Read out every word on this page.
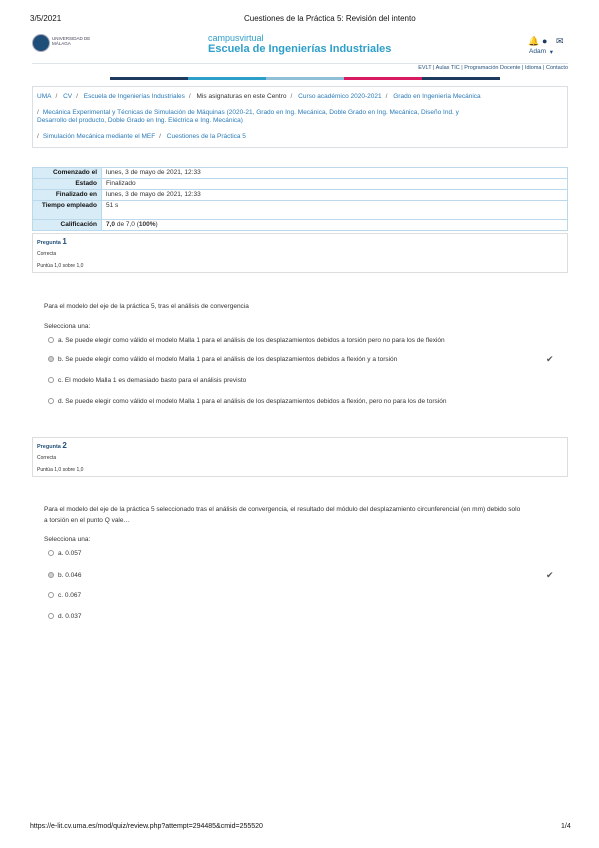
3/5/2021	Cuestiones de la Práctica 5: Revisión del intento
https://e-lit.cv.uma.es/mod/quiz/review.php?attempt=294485&cmid=255520	1/4
UNIVERSIDAD DE MÁLAGA
campusvirtual
Escuela de Ingenierías Industriales
🔔 ● ✉
Adam ▾
EVLT | Aulas TIC | Programación Docente | Idioma | Contacto
UMA / CV / Escuela de Ingenierías Industriales / Mis asignaturas en este Centro / Curso académico 2020-2021 / Grado en Ingeniería Mecánica
/ Mecánica Experimental y Técnicas de Simulación de Máquinas (2020-21, Grado en Ing. Mecánica, Doble Grado en Ing. Mecánica, Diseño Ind. y
Desarrollo del producto, Doble Grado en Ing. Eléctrica e Ing. Mecánica)
/ Simulación Mecánica mediante el MEF / Cuestiones de la Práctica 5
Comenzado el	lunes, 3 de mayo de 2021, 12:33
Estado	Finalizado
Finalizado en	lunes, 3 de mayo de 2021, 12:33
Tiempo empleado	51 s
Calificación	7,0 de 7,0 (100%)
Pregunta 1
Correcta
Puntúa 1,0 sobre 1,0
Para el modelo del eje de la práctica 5, tras el análisis de convergencia
Selecciona una:
a. Se puede elegir como válido el modelo Malla 1 para el análisis de los desplazamientos debidos a torsión pero no para los de flexión
b. Se puede elegir como válido el modelo Malla 1 para el análisis de los desplazamientos debidos a flexión y a torsión	✔
c. El modelo Malla 1 es demasiado basto para el análisis previsto
d. Se puede elegir como válido el modelo Malla 1 para el análisis de los desplazamientos debidos a flexión, pero no para los de torsión
Pregunta 2
Correcta
Puntúa 1,0 sobre 1,0
Para el modelo del eje de la práctica 5 seleccionado tras el análisis de convergencia, el resultado del módulo del desplazamiento circunferencial (en mm) debido solo
a torsión en el punto Q vale…
Selecciona una:
a. 0.057
b. 0.046	✔
c. 0.067
d. 0.037
